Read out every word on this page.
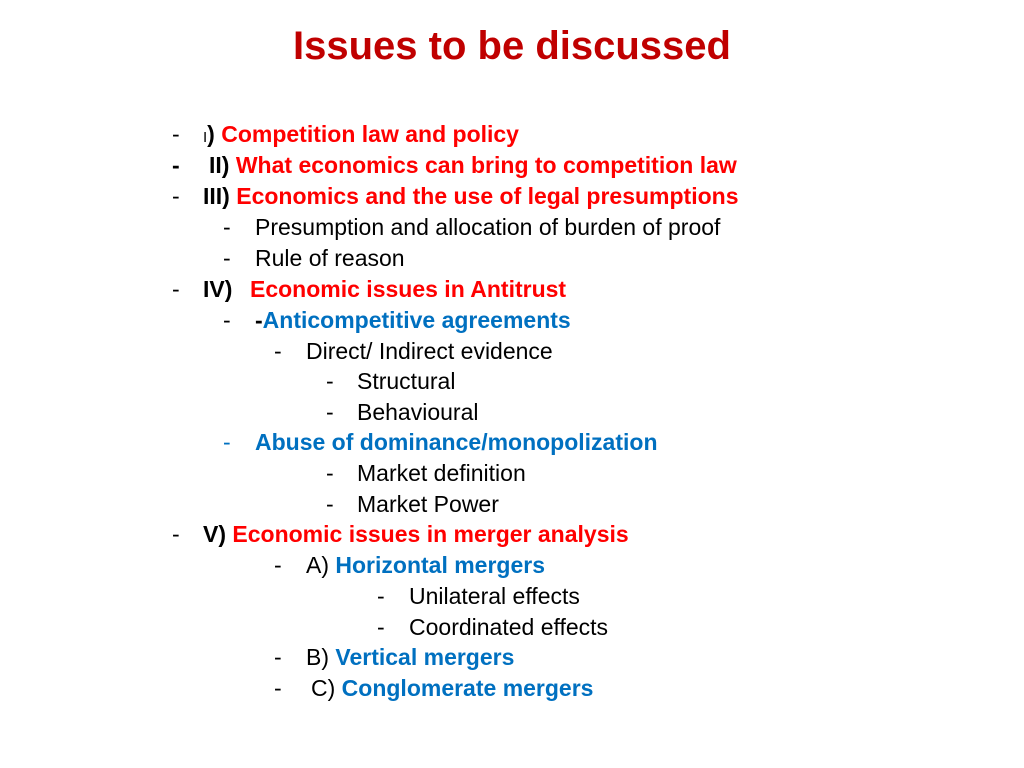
Issues to be discussed
- I) Competition law and policy
- II) What economics can bring to competition law
- III) Economics and the use of legal presumptions
- Presumption and allocation of burden of proof
- Rule of reason
- IV) Economic issues in Antitrust
- -Anticompetitive agreements
- Direct/ Indirect evidence
- Structural
- Behavioural
- Abuse of dominance/monopolization
- Market definition
- Market Power
- V) Economic issues in merger analysis
- A) Horizontal mergers
- Unilateral effects
- Coordinated effects
- B) Vertical mergers
- C) Conglomerate mergers
